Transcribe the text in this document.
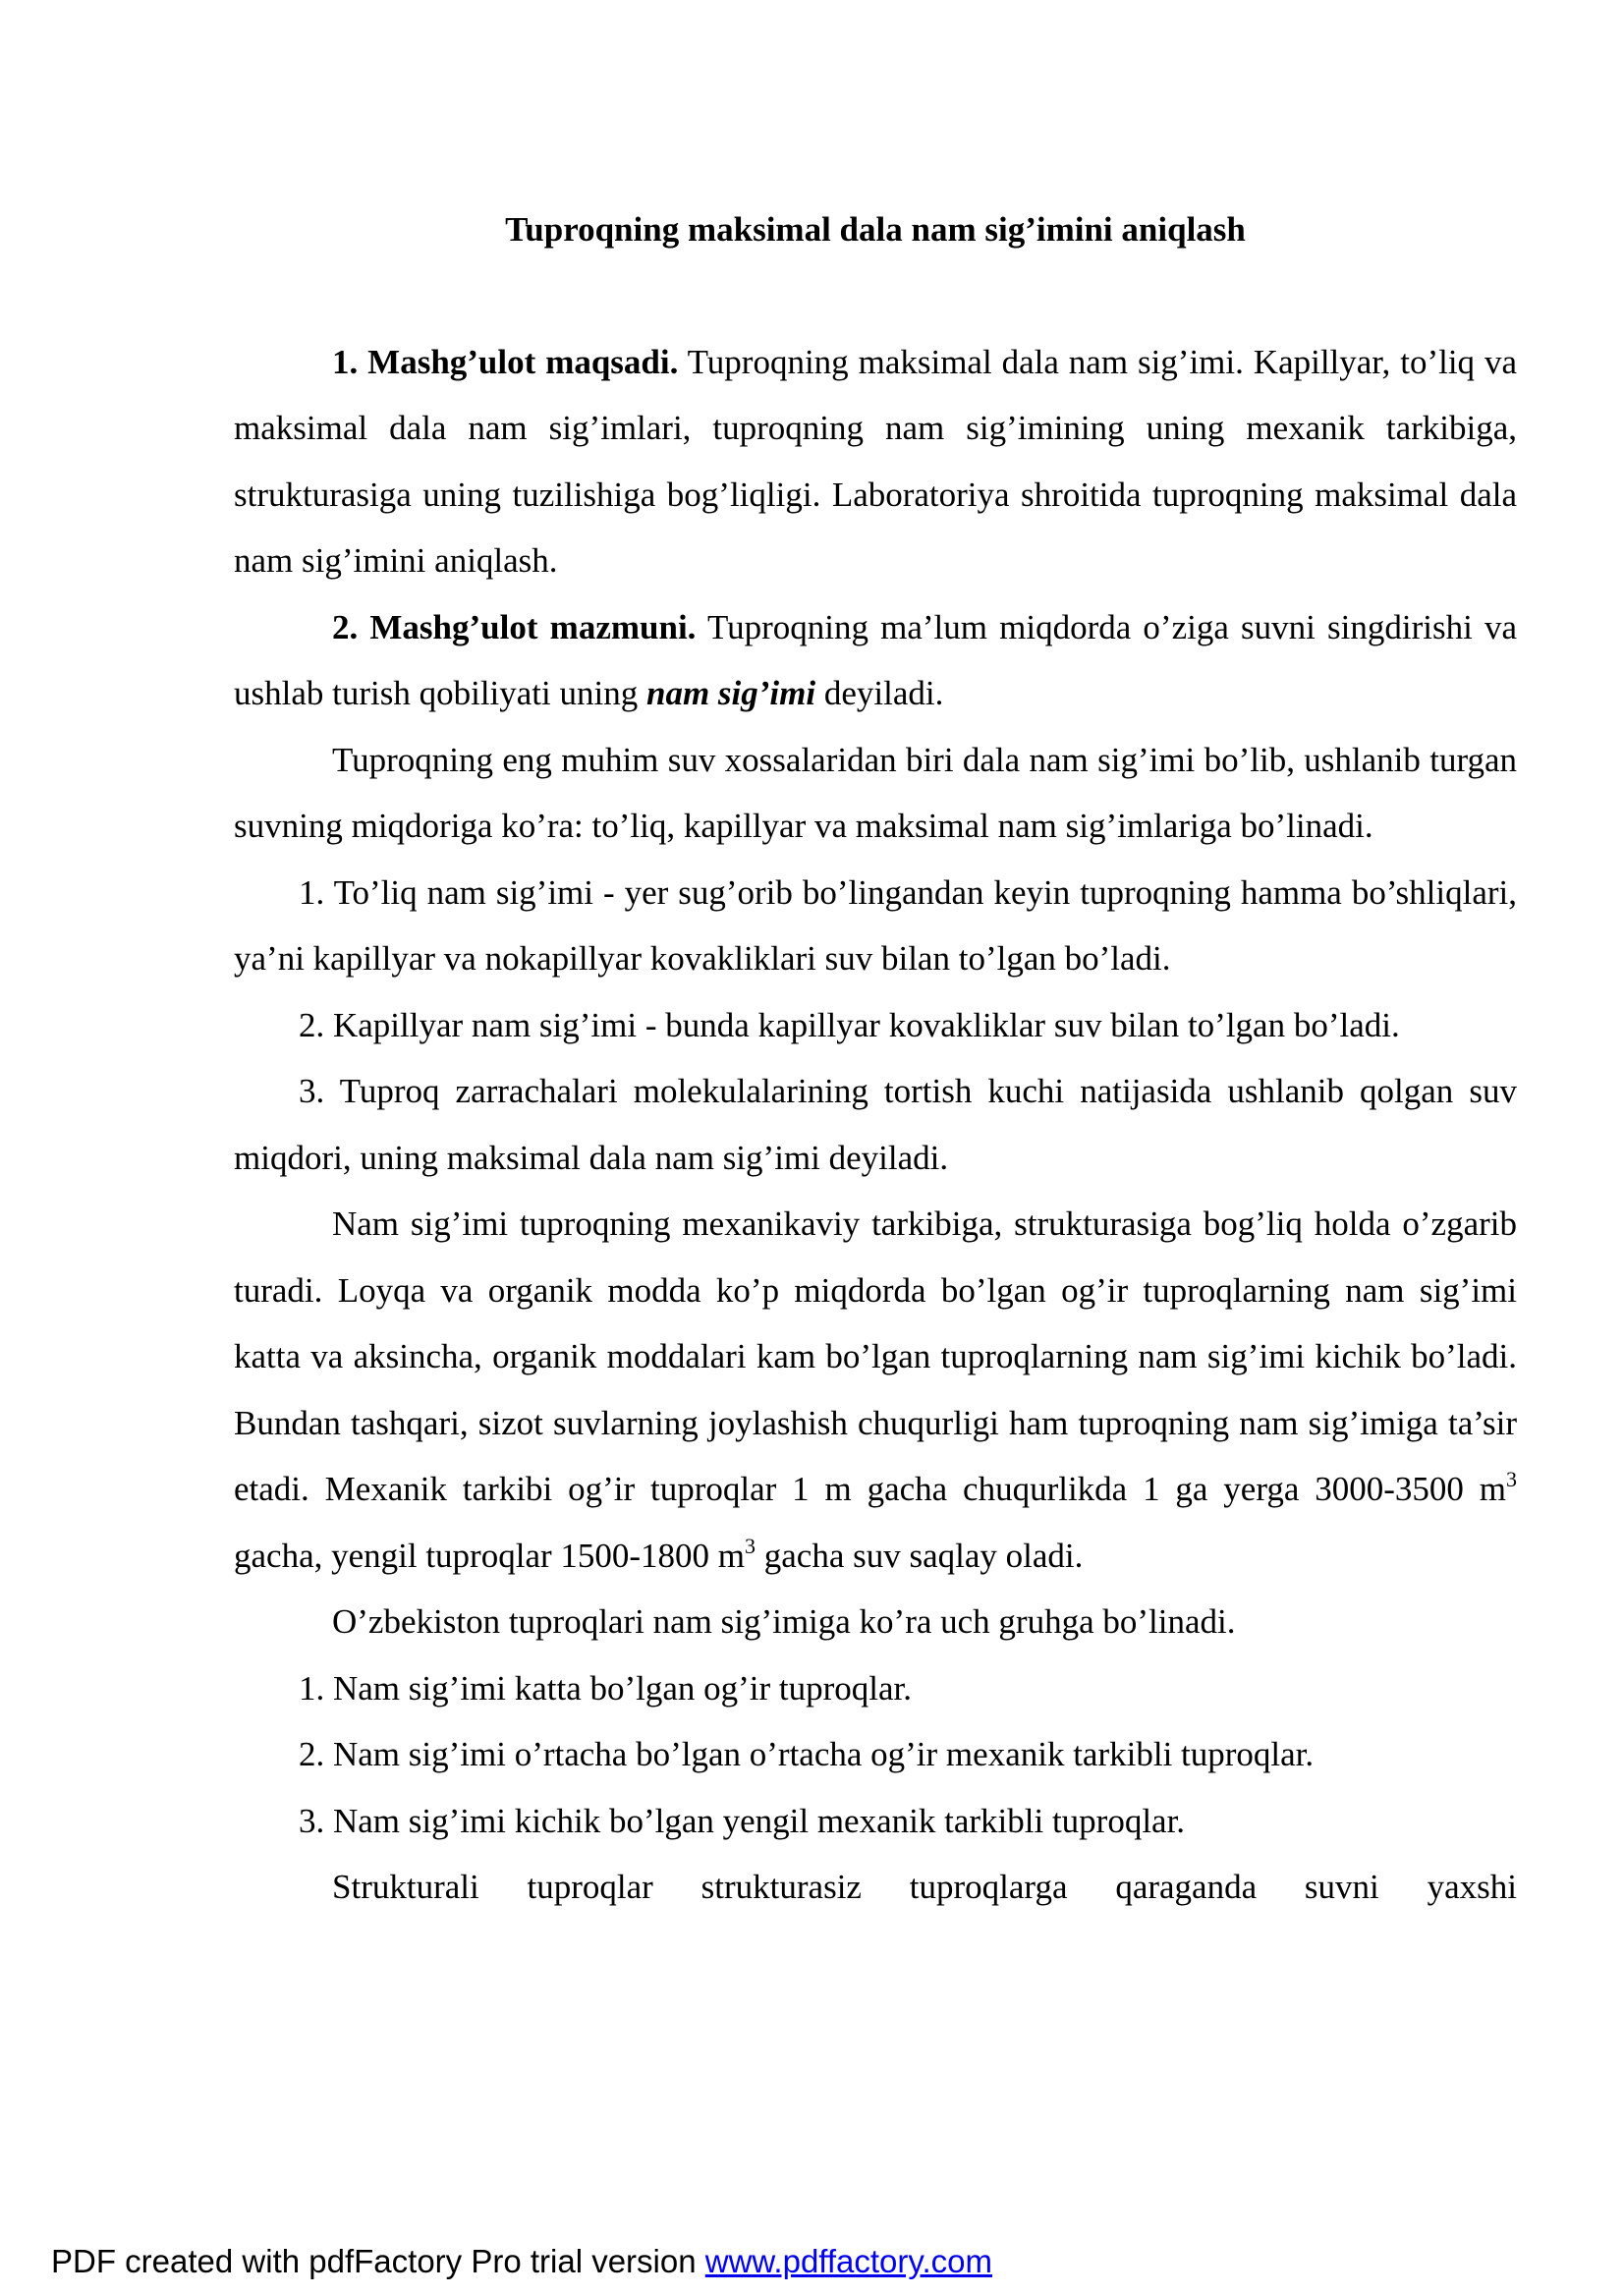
Tuproqning maksimal dala nam sig’imini aniqlash

1. Mashg’ulot maqsadi. Tuproqning maksimal dala nam sig’imi. Kapillyar, to’liq va maksimal dala nam sig’imlari, tuproqning nam sig’imining uning mexanik tarkibiga, strukturasiga uning tuzilishiga bog’liqligi. Laboratoriya shroitida tuproqning maksimal dala nam sig’imini aniqlash.

2. Mashg’ulot mazmuni. Tuproqning ma’lum miqdorda o’ziga suvni singdirishi va ushlab turish qobiliyati uning nam sig’imi deyiladi.

Tuproqning eng muhim suv xossalaridan biri dala nam sig’imi bo’lib, ushlanib turgan suvning miqdoriga ko’ra: to’liq, kapillyar va maksimal nam sig’imlariga bo’linadi.

1. To’liq nam sig’imi - yer sug’orib bo’lingandan keyin tuproqning hamma bo’shliqlari, ya’ni kapillyar va nokapillyar kovakliklari suv bilan to’lgan bo’ladi.

2. Kapillyar nam sig’imi - bunda kapillyar kovakliklar suv bilan to’lgan bo’ladi.

3. Tuproq zarrachalari molekulalarining tortish kuchi natijasida ushlanib qolgan suv miqdori, uning maksimal dala nam sig’imi deyiladi.

Nam sig’imi tuproqning mexanikaviy tarkibiga, strukturasiga bog’liq holda o’zgarib turadi. Loyqa va organik modda ko’p miqdorda bo’lgan og’ir tuproqlarning nam sig’imi katta va aksincha, organik moddalari kam bo’lgan tuproqlarning nam sig’imi kichik bo’ladi. Bundan tashqari, sizot suvlarning joylashish chuqurligi ham tuproqning nam sig’imiga ta’sir etadi. Mexanik tarkibi og’ir tuproqlar 1 m gacha chuqurlikda 1 ga yerga 3000-3500 $m^3$ gacha, yengil tuproqlar 1500-1800 $m^3$ gacha suv saqlay oladi.

O’zbekiston tuproqlari nam sig’imiga ko’ra uch gruhga bo’linadi.

1. Nam sig’imi katta bo’lgan og’ir tuproqlar.

2. Nam sig’imi o’rtacha bo’lgan o’rtacha og’ir mexanik tarkibli tuproqlar.

3. Nam sig’imi kichik bo’lgan yengil mexanik tarkibli tuproqlar.

Strukturali tuproqlar strukturasiz tuproqlarga qaraganda suvni yaxshi

PDF created with pdfFactory Pro trial version www.pdffactory.com
